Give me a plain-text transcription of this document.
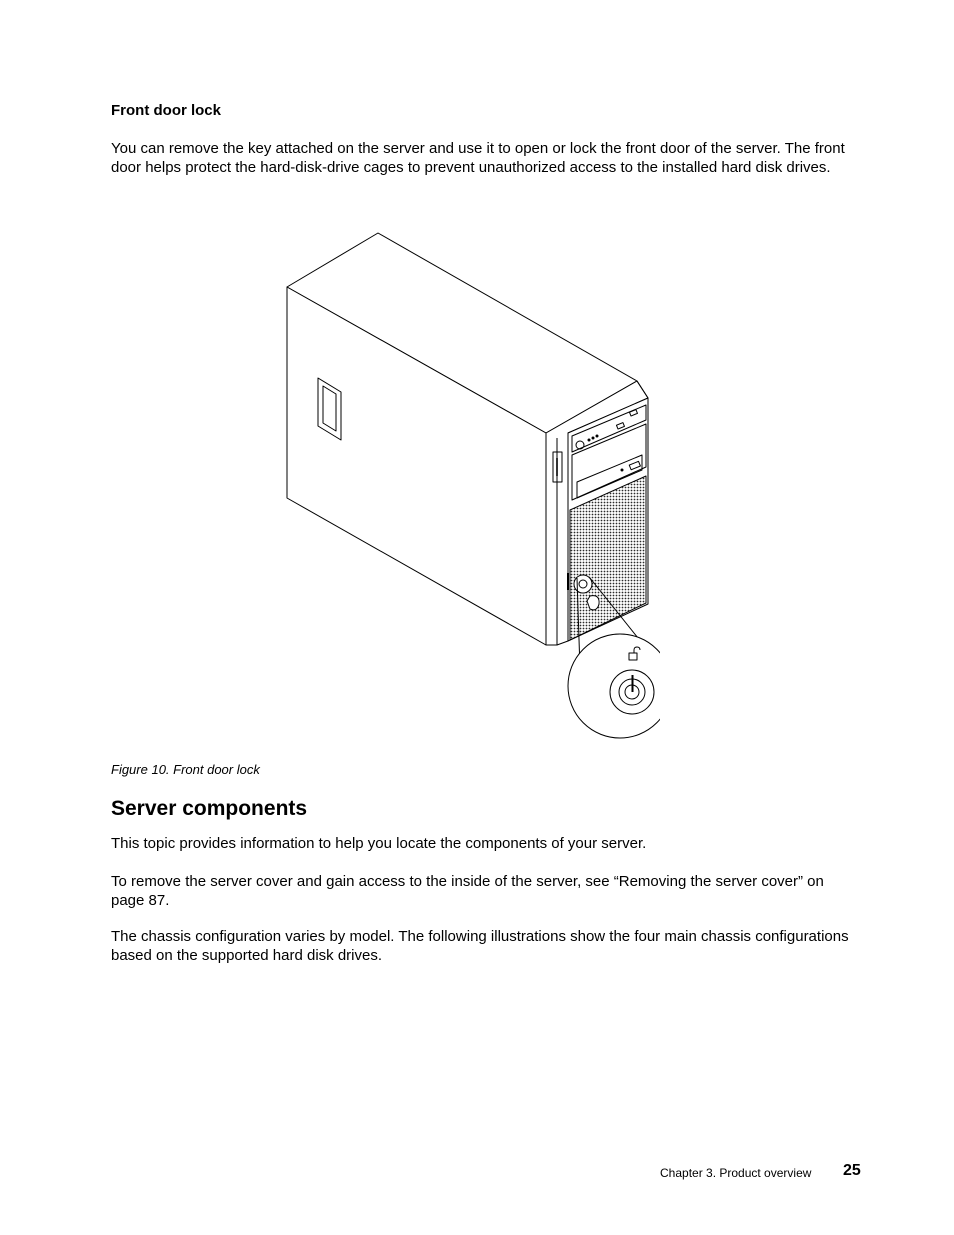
Front door lock

You can remove the key attached on the server and use it to open or lock the front door of the server. The front door helps protect the hard-disk-drive cages to prevent unauthorized access to the installed hard disk drives.

Figure 10. Front door lock

Server components

This topic provides information to help you locate the components of your server.

To remove the server cover and gain access to the inside of the server, see “Removing the server cover” on page 87.

The chassis configuration varies by model. The following illustrations show the four main chassis configurations based on the supported hard disk drives.

Chapter 3. Product overview 25
